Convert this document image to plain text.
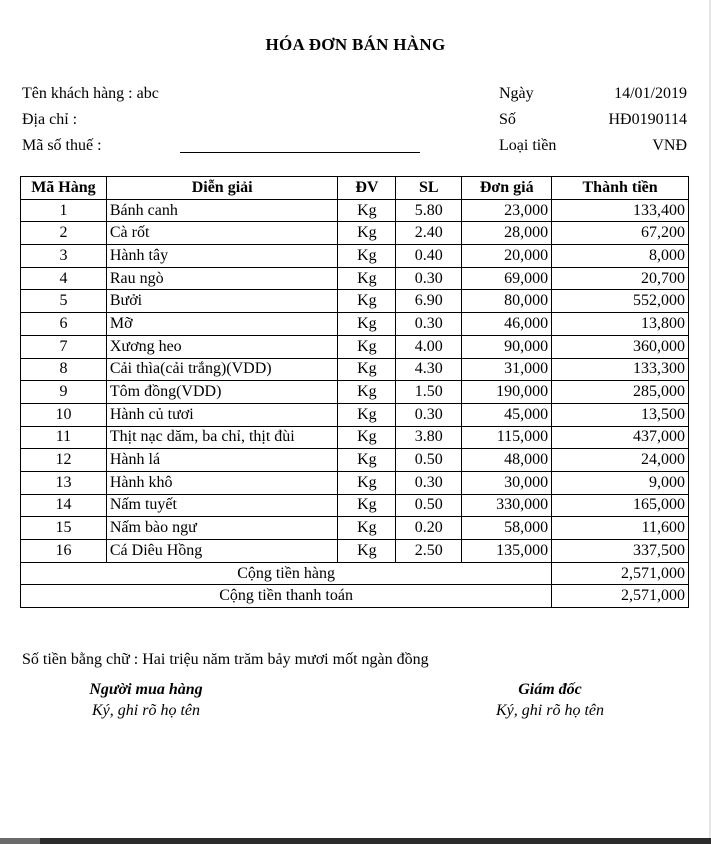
HÓA ĐƠN BÁN HÀNG
Tên khách hàng : abc
Địa chỉ :
Mã số thuế :
Ngày	14/01/2019
Số	HĐ0190114
Loại tiền	VNĐ
Mã Hàng	Diễn giải	ĐV	SL	Đơn giá	Thành tiền
1	Bánh canh	Kg	5.80	23,000	133,400
2	Cà rốt	Kg	2.40	28,000	67,200
3	Hành tây	Kg	0.40	20,000	8,000
4	Rau ngò	Kg	0.30	69,000	20,700
5	Bưởi	Kg	6.90	80,000	552,000
6	Mỡ	Kg	0.30	46,000	13,800
7	Xương heo	Kg	4.00	90,000	360,000
8	Cải thìa(cải trắng)(VDD)	Kg	4.30	31,000	133,300
9	Tôm đồng(VDD)	Kg	1.50	190,000	285,000
10	Hành củ tươi	Kg	0.30	45,000	13,500
11	Thịt nạc dăm, ba chỉ, thịt đùi	Kg	3.80	115,000	437,000
12	Hành lá	Kg	0.50	48,000	24,000
13	Hành khô	Kg	0.30	30,000	9,000
14	Nấm tuyết	Kg	0.50	330,000	165,000
15	Nấm bào ngư	Kg	0.20	58,000	11,600
16	Cá Diêu Hồng	Kg	2.50	135,000	337,500
Cộng tiền hàng					2,571,000
Cộng tiền thanh toán					2,571,000
Số tiền bằng chữ : Hai triệu năm trăm bảy mươi mốt ngàn đồng
Người mua hàng
Ký, ghi rõ họ tên
Giám đốc
Ký, ghi rõ họ tên
